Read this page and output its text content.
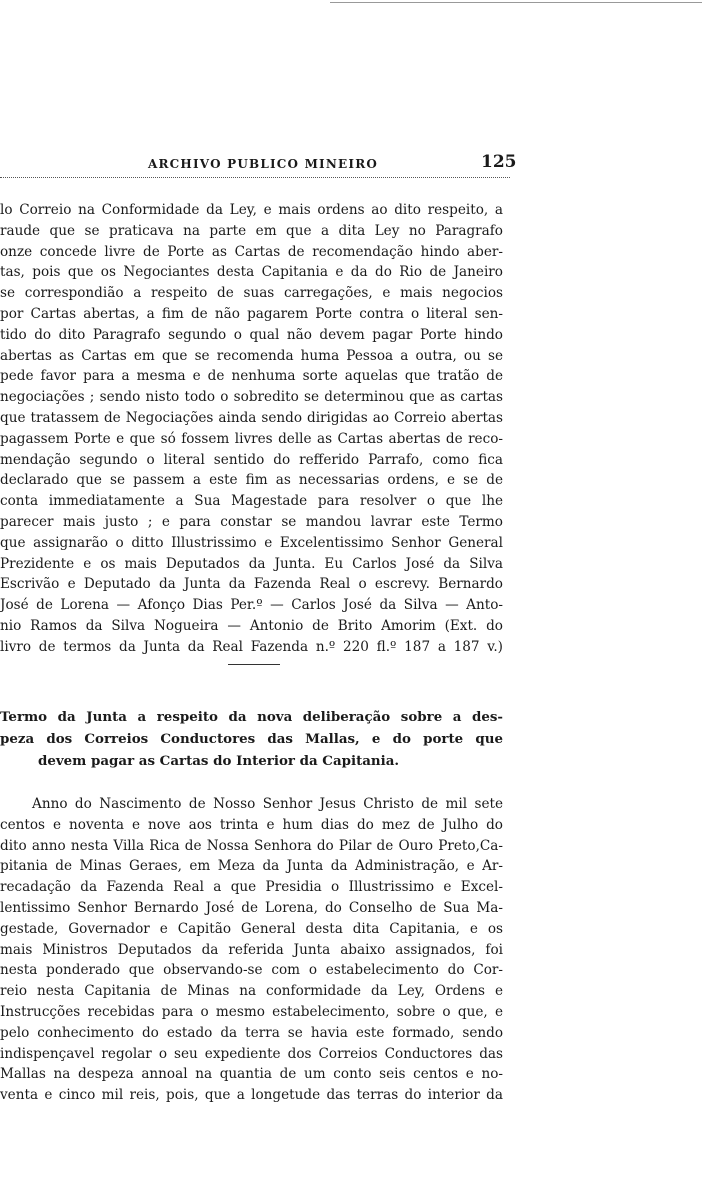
ARCHIVO PUBLICO MINEIRO	125
lo Correio na Conformidade da Ley, e mais ordens ao dito respeito, a
raude que se praticava na parte em que a dita Ley no Paragrafo
onze concede livre de Porte as Cartas de recomendação hindo aber-
tas, pois que os Negociantes desta Capitania e da do Rio de Janeiro
se correspondião a respeito de suas carregações, e mais negocios
por Cartas abertas, a fim de não pagarem Porte contra o literal sen-
tido do dito Paragrafo segundo o qual não devem pagar Porte hindo
abertas as Cartas em que se recomenda huma Pessoa a outra, ou se
pede favor para a mesma e de nenhuma sorte aquelas que tratão de
negociações ; sendo nisto todo o sobredito se determinou que as cartas
que tratassem de Negociações ainda sendo dirigidas ao Correio abertas
pagassem Porte e que só fossem livres delle as Cartas abertas de reco-
mendação segundo o literal sentido do refferido Parrafo, como fica
declarado que se passem a este fim as necessarias ordens, e se de
conta immediatamente a Sua Magestade para resolver o que lhe
parecer mais justo ; e para constar se mandou lavrar este Termo
que assignarão o ditto Illustrissimo e Excelentissimo Senhor General
Prezidente e os mais Deputados da Junta. Eu Carlos José da Silva
Escrivão e Deputado da Junta da Fazenda Real o escrevy. Bernardo
José de Lorena — Afonço Dias Per.º — Carlos José da Silva — Anto-
nio Ramos da Silva Nogueira — Antonio de Brito Amorim (Ext. do
livro de termos da Junta da Real Fazenda n.º 220 fl.º 187 a 187 v.)
Termo da Junta a respeito da nova deliberação sobre a des-
peza dos Correios Conductores das Mallas, e do porte que
devem pagar as Cartas do Interior da Capitania.
Anno do Nascimento de Nosso Senhor Jesus Christo de mil sete
centos e noventa e nove aos trinta e hum dias do mez de Julho do
dito anno nesta Villa Rica de Nossa Senhora do Pilar de Ouro Preto,Ca-
pitania de Minas Geraes, em Meza da Junta da Administração, e Ar-
recadação da Fazenda Real a que Presidia o Illustrissimo e Excel-
lentissimo Senhor Bernardo José de Lorena, do Conselho de Sua Ma-
gestade, Governador e Capitão General desta dita Capitania, e os
mais Ministros Deputados da referida Junta abaixo assignados, foi
nesta ponderado que observando-se com o estabelecimento do Cor-
reio nesta Capitania de Minas na conformidade da Ley, Ordens e
Instrucções recebidas para o mesmo estabelecimento, sobre o que, e
pelo conhecimento do estado da terra se havia este formado, sendo
indispençavel regolar o seu expediente dos Correios Conductores das
Mallas na despeza annoal na quantia de um conto seis centos e no-
venta e cinco mil reis, pois, que a longetude das terras do interior da
